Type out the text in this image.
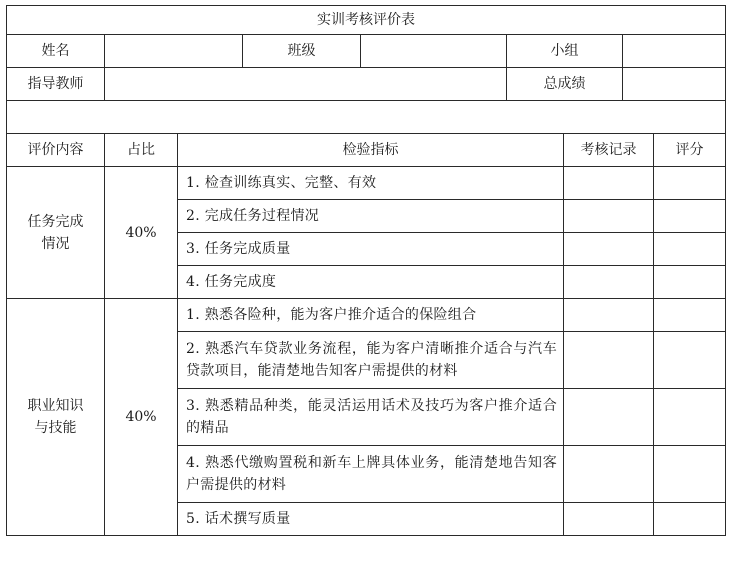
实训考核评价表								
姓名			班级		小组			
指导教师					总成绩			

评价内容	占比	检验指标				考核记录		评分

任务完成
情况	40%	1. 检查训练真实、完整、有效						

		2. 完成任务过程情况						

		3. 任务完成质量						

		4. 任务完成度						

职业知识
与技能	40%	1. 熟悉各险种，能为客户推介适合的保险组合						

		2. 熟悉汽车贷款业务流程，能为客户清晰推介适合与汽车贷款项目，能清楚地告知客户需提供的材料						

		3. 熟悉精品种类，能灵活运用话术及技巧为客户推介适合的精品						

		4. 熟悉代缴购置税和新车上牌具体业务，能清楚地告知客户需提供的材料						

		5. 话术撰写质量						
